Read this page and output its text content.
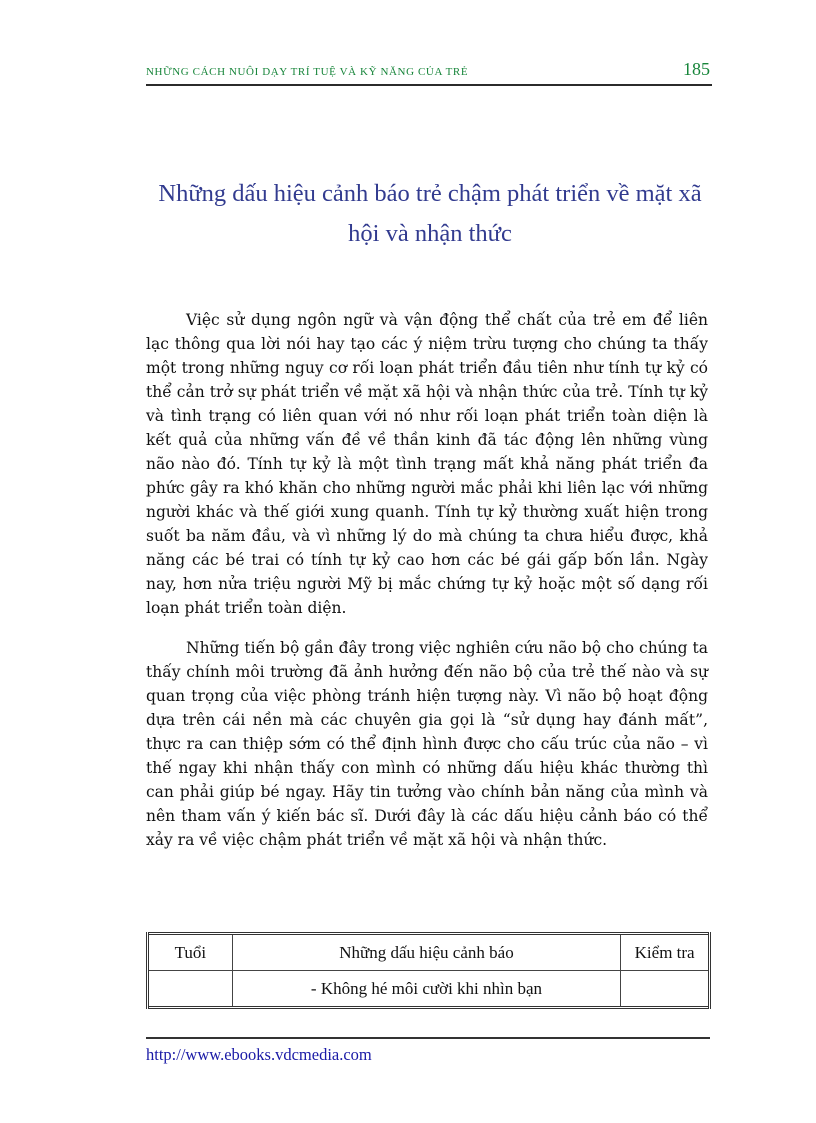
NHỮNG CÁCH NUÔI DẠY TRÍ TUỆ VÀ KỸ NĂNG CỦA TRẺ	185
Những dấu hiệu cảnh báo trẻ chậm phát triển về mặt xã hội và nhận thức

Việc sử dụng ngôn ngữ và vận động thể chất của trẻ em để liên lạc thông qua lời nói hay tạo các ý niệm trừu tượng cho chúng ta thấy một trong những nguy cơ rối loạn phát triển đầu tiên như tính tự kỷ có thể cản trở sự phát triển về mặt xã hội và nhận thức của trẻ. Tính tự kỷ và tình trạng có liên quan với nó như rối loạn phát triển toàn diện là kết quả của những vấn đề về thần kinh đã tác động lên những vùng não nào đó. Tính tự kỷ là một tình trạng mất khả năng phát triển đa phức gây ra khó khăn cho những người mắc phải khi liên lạc với những người khác và thế giới xung quanh. Tính tự kỷ thường xuất hiện trong suốt ba năm đầu, và vì những lý do mà chúng ta chưa hiểu được, khả năng các bé trai có tính tự kỷ cao hơn các bé gái gấp bốn lần. Ngày nay, hơn nửa triệu người Mỹ bị mắc chứng tự kỷ hoặc một số dạng rối loạn phát triển toàn diện.

Những tiến bộ gần đây trong việc nghiên cứu não bộ cho chúng ta thấy chính môi trường đã ảnh hưởng đến não bộ của trẻ thế nào và sự quan trọng của việc phòng tránh hiện tượng này. Vì não bộ hoạt động dựa trên cái nền mà các chuyên gia gọi là “sử dụng hay đánh mất”, thực ra can thiệp sớm có thể định hình được cho cấu trúc của não – vì thế ngay khi nhận thấy con mình có những dấu hiệu khác thường thì can phải giúp bé ngay. Hãy tin tưởng vào chính bản năng của mình và nên tham vấn ý kiến bác sĩ. Dưới đây là các dấu hiệu cảnh báo có thể xảy ra về việc chậm phát triển về mặt xã hội và nhận thức.

Tuổi	Những dấu hiệu cảnh báo	Kiểm tra
	- Không hé môi cười khi nhìn bạn	
http://www.ebooks.vdcmedia.com
